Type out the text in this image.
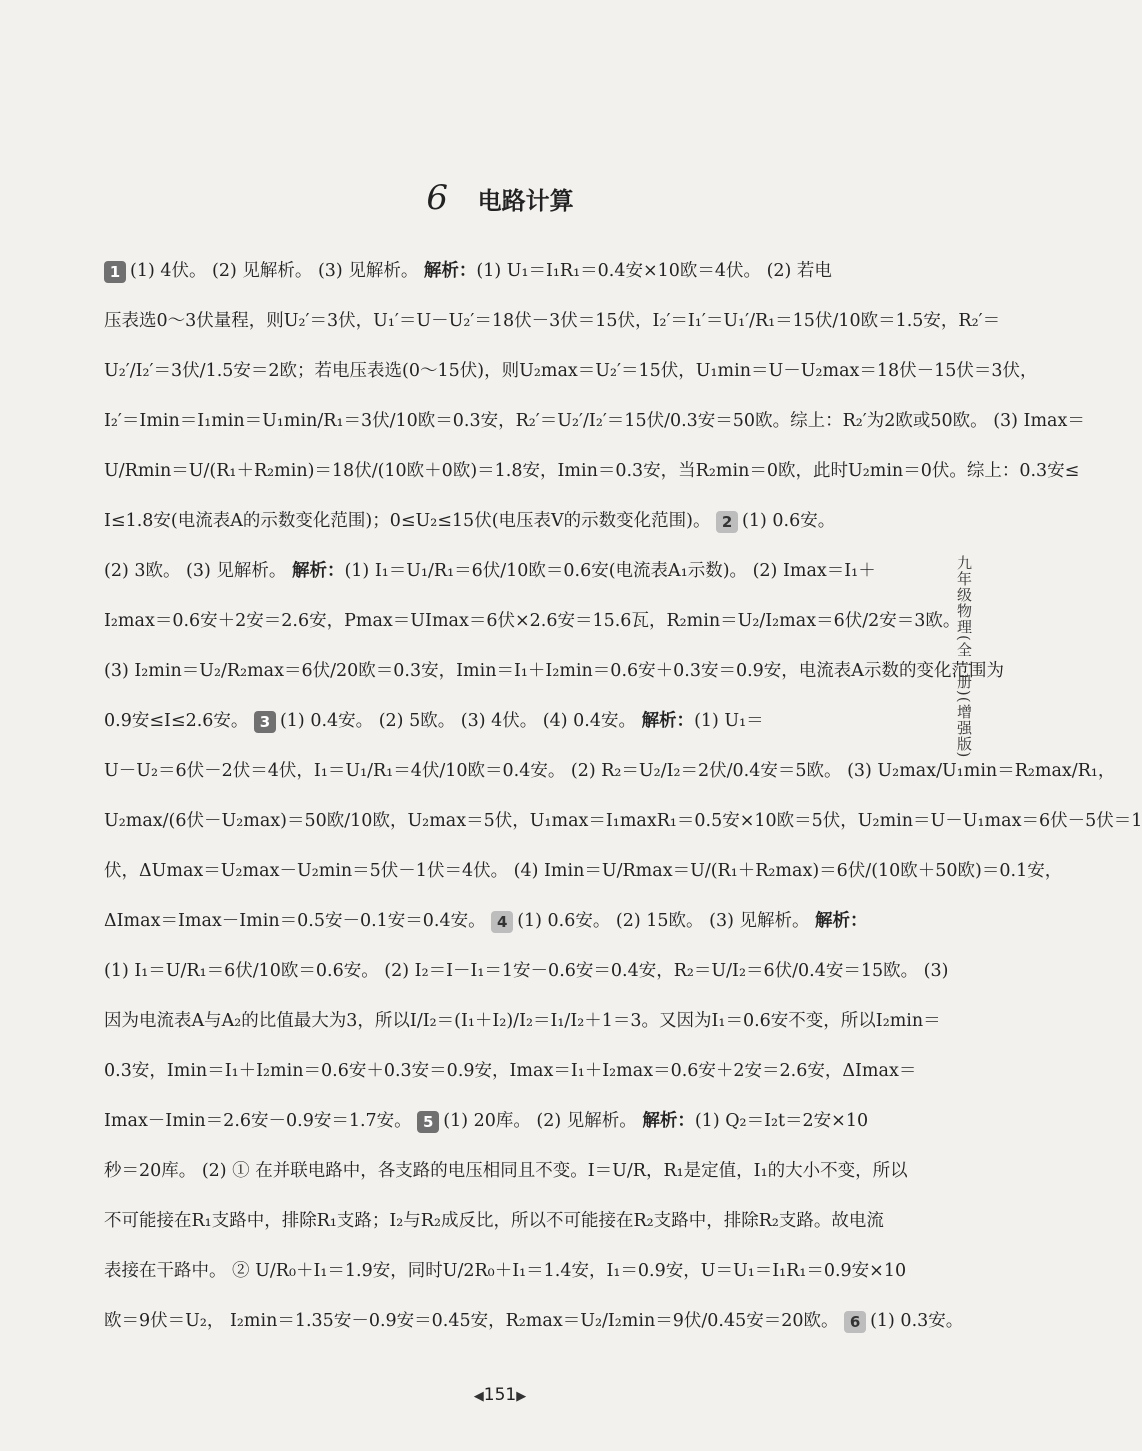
6 电路计算
1 (1) 4伏。 (2) 见解析。 (3) 见解析。 解析：(1) U₁＝I₁R₁＝0.4安×10欧＝4伏。 (2) 若电
压表选0～3伏量程，则U₂′＝3伏，U₁′＝U－U₂′＝18伏－3伏＝15伏，I₂′＝I₁′＝U₁′/R₁＝15伏/10欧＝1.5安，R₂′＝
U₂′/I₂′＝3伏/1.5安＝2欧；若电压表选(0～15伏)，则U₂max＝U₂′＝15伏，U₁min＝U－U₂max＝18伏－15伏＝3伏，
I₂′＝Imin＝I₁min＝U₁min/R₁＝3伏/10欧＝0.3安，R₂′＝U₂′/I₂′＝15伏/0.3安＝50欧。综上：R₂′为2欧或50欧。 (3) Imax＝
U/Rmin＝U/(R₁＋R₂min)＝18伏/(10欧＋0欧)＝1.8安，Imin＝0.3安，当R₂min＝0欧，此时U₂min＝0伏。综上：0.3安≤
I≤1.8安(电流表A的示数变化范围)；0≤U₂≤15伏(电压表V的示数变化范围)。 2 (1) 0.6安。
(2) 3欧。 (3) 见解析。 解析：(1) I₁＝U₁/R₁＝6伏/10欧＝0.6安(电流表A₁示数)。 (2) Imax＝I₁＋
I₂max＝0.6安＋2安＝2.6安，Pmax＝UImax＝6伏×2.6安＝15.6瓦，R₂min＝U₂/I₂max＝6伏/2安＝3欧。
(3) I₂min＝U₂/R₂max＝6伏/20欧＝0.3安，Imin＝I₁＋I₂min＝0.6安＋0.3安＝0.9安，电流表A示数的变化范围为
0.9安≤I≤2.6安。 3 (1) 0.4安。 (2) 5欧。 (3) 4伏。 (4) 0.4安。 解析：(1) U₁＝
U－U₂＝6伏－2伏＝4伏，I₁＝U₁/R₁＝4伏/10欧＝0.4安。 (2) R₂＝U₂/I₂＝2伏/0.4安＝5欧。 (3) U₂max/U₁min＝R₂max/R₁，
U₂max/(6伏－U₂max)＝50欧/10欧，U₂max＝5伏，U₁max＝I₁maxR₁＝0.5安×10欧＝5伏，U₂min＝U－U₁max＝6伏－5伏＝1
伏，ΔUmax＝U₂max－U₂min＝5伏－1伏＝4伏。 (4) Imin＝U/Rmax＝U/(R₁＋R₂max)＝6伏/(10欧＋50欧)＝0.1安，
ΔImax＝Imax－Imin＝0.5安－0.1安＝0.4安。 4 (1) 0.6安。 (2) 15欧。 (3) 见解析。 解析：
(1) I₁＝U/R₁＝6伏/10欧＝0.6安。 (2) I₂＝I－I₁＝1安－0.6安＝0.4安，R₂＝U/I₂＝6伏/0.4安＝15欧。 (3)
因为电流表A与A₂的比值最大为3，所以I/I₂＝(I₁＋I₂)/I₂＝I₁/I₂＋1＝3。又因为I₁＝0.6安不变，所以I₂min＝
0.3安，Imin＝I₁＋I₂min＝0.6安＋0.3安＝0.9安，Imax＝I₁＋I₂max＝0.6安＋2安＝2.6安，ΔImax＝
Imax－Imin＝2.6安－0.9安＝1.7安。 5 (1) 20库。 (2) 见解析。 解析：(1) Q₂＝I₂t＝2安×10
秒＝20库。 (2) ① 在并联电路中，各支路的电压相同且不变。I＝U/R，R₁是定值，I₁的大小不变，所以
不可能接在R₁支路中，排除R₁支路；I₂与R₂成反比，所以不可能接在R₂支路中，排除R₂支路。故电流
表接在干路中。 ② U/R₀＋I₁＝1.9安，同时U/2R₀＋I₁＝1.4安，I₁＝0.9安，U＝U₁＝I₁R₁＝0.9安×10
欧＝9伏＝U₂， I₂min＝1.35安－0.9安＝0.45安，R₂max＝U₂/I₂min＝9伏/0.45安＝20欧。 6 (1) 0.3安。
九年级物理(全一册)(增强版)
◀151▶
